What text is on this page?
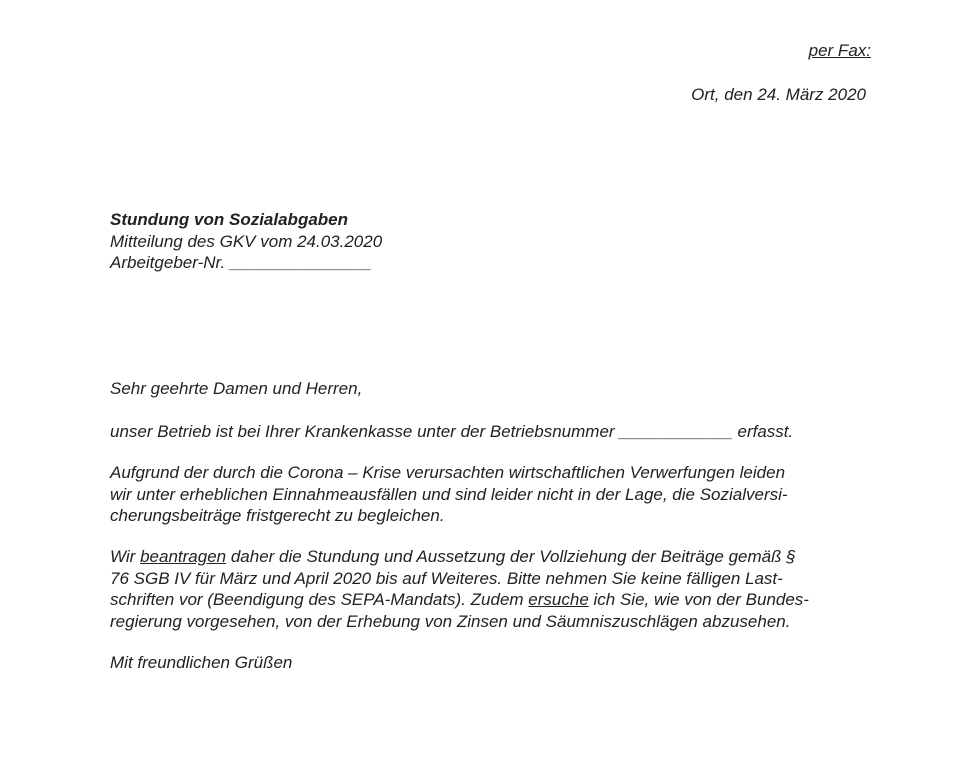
per Fax:
Ort, den 24. März 2020
Stundung von Sozialabgaben
Mitteilung des GKV vom 24.03.2020
Arbeitgeber-Nr. _______________
Sehr geehrte Damen und Herren,
unser Betrieb ist bei Ihrer Krankenkasse unter der Betriebsnummer ____________ erfasst.
Aufgrund der durch die Corona – Krise verursachten wirtschaftlichen Verwerfungen leiden
wir unter erheblichen Einnahmeausfällen und sind leider nicht in der Lage, die Sozialversi-
cherungsbeiträge fristgerecht zu begleichen.
Wir beantragen daher die Stundung und Aussetzung der Vollziehung der Beiträge gemäß §
76 SGB IV für März und April 2020 bis auf Weiteres. Bitte nehmen Sie keine fälligen Last-
schriften vor (Beendigung des SEPA-Mandats). Zudem ersuche ich Sie, wie von der Bundes-
regierung vorgesehen, von der Erhebung von Zinsen und Säumniszuschlägen abzusehen.
Mit freundlichen Grüßen
